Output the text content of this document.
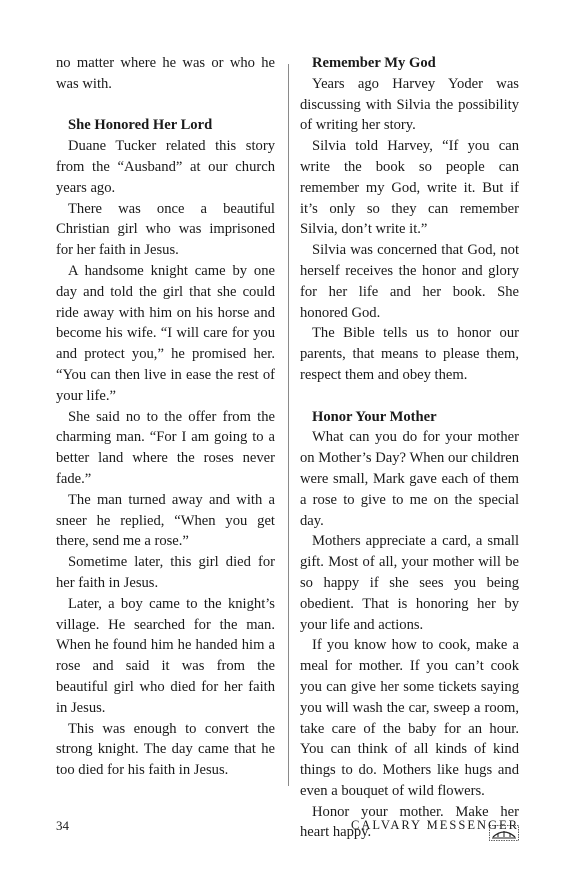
no matter where he was or who he was with.

She Honored Her Lord

Duane Tucker related this story from the “Ausband” at our church years ago.

There was once a beautiful Christian girl who was imprisoned for her faith in Jesus.

A handsome knight came by one day and told the girl that she could ride away with him on his horse and become his wife. “I will care for you and protect you,” he promised her. “You can then live in ease the rest of your life.”

She said no to the offer from the charming man. “For I am going to a better land where the roses never fade.”

The man turned away and with a sneer he replied, “When you get there, send me a rose.”

Sometime later, this girl died for her faith in Jesus.

Later, a boy came to the knight’s village. He searched for the man. When he found him he handed him a rose and said it was from the beautiful girl who died for her faith in Jesus.

This was enough to convert the strong knight. The day came that he too died for his faith in Jesus.

Remember My God

Years ago Harvey Yoder was discussing with Silvia the possibility of writing her story.

Silvia told Harvey, “If you can write the book so people can remember my God, write it. But if it’s only so they can remember Silvia, don’t write it.”

Silvia was concerned that God, not herself receives the honor and glory for her life and her book. She honored God.

The Bible tells us to honor our parents, that means to please them, respect them and obey them.

Honor Your Mother

What can you do for your mother on Mother’s Day? When our children were small, Mark gave each of them a rose to give to me on the special day.

Mothers appreciate a card, a small gift. Most of all, your mother will be so happy if she sees you being obedient. That is honoring her by your life and actions.

If you know how to cook, make a meal for mother. If you can’t cook you can give her some tickets saying you will wash the car, sweep a room, take care of the baby for an hour. You can think of all kinds of kind things to do. Mothers like hugs and even a bouquet of wild flowers.

Honor your mother. Make her heart happy.

34	CALVARY MESSENGER
